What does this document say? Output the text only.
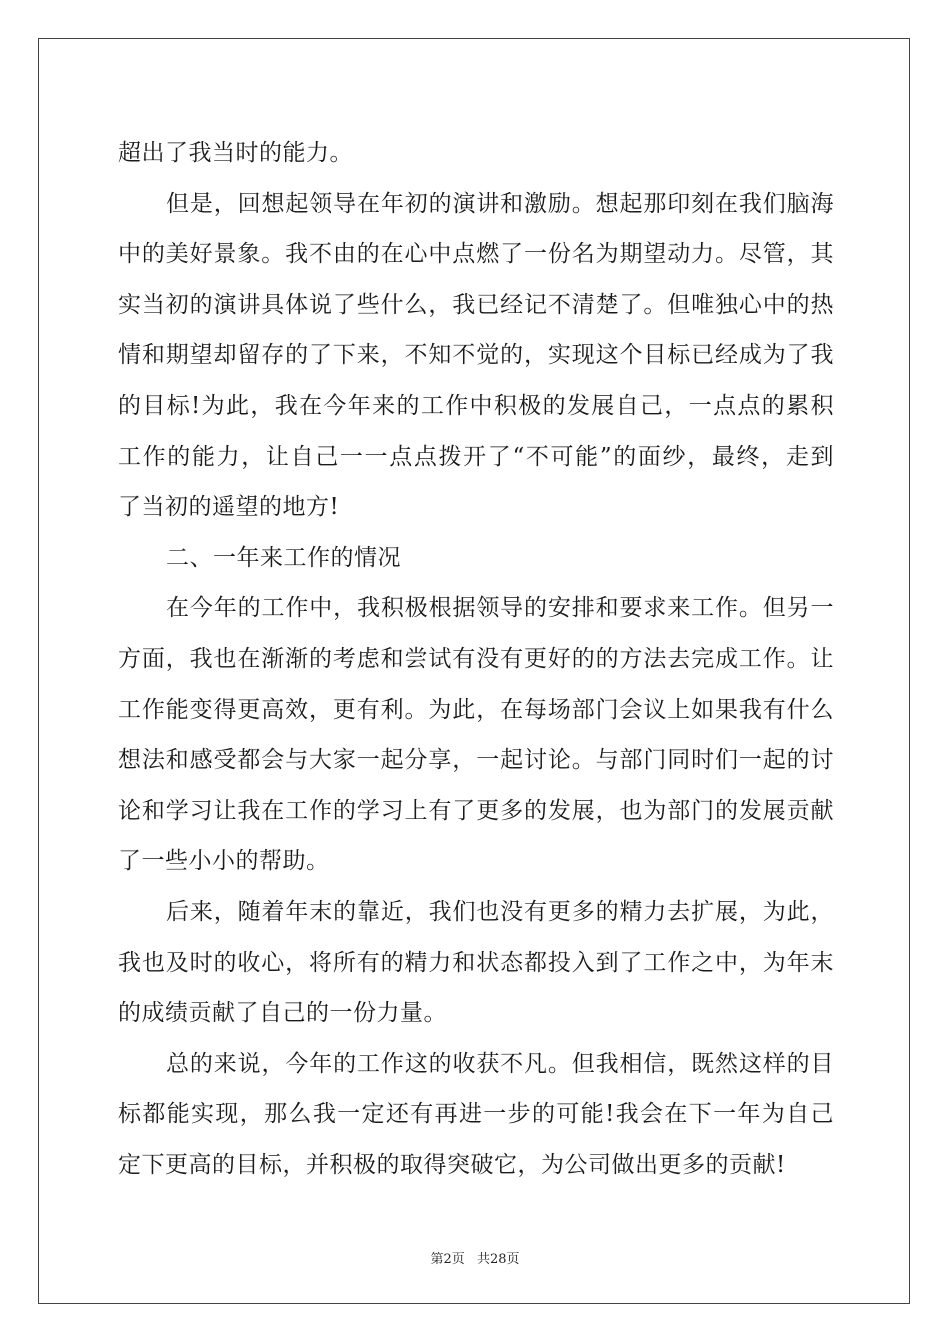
超出了我当时的能力。
但是，回想起领导在年初的演讲和激励。想起那印刻在我们脑海
中的美好景象。我不由的在心中点燃了一份名为期望动力。尽管，其
实当初的演讲具体说了些什么，我已经记不清楚了。但唯独心中的热
情和期望却留存的了下来，不知不觉的，实现这个目标已经成为了我
的目标!为此，我在今年来的工作中积极的发展自己，一点点的累积
工作的能力，让自己一一点点拨开了“不可能”的面纱，最终，走到
了当初的遥望的地方!
二、一年来工作的情况
在今年的工作中，我积极根据领导的安排和要求来工作。但另一
方面，我也在渐渐的考虑和尝试有没有更好的的方法去完成工作。让
工作能变得更高效，更有利。为此，在每场部门会议上如果我有什么
想法和感受都会与大家一起分享，一起讨论。与部门同时们一起的讨
论和学习让我在工作的学习上有了更多的发展，也为部门的发展贡献
了一些小小的帮助。
后来，随着年末的靠近，我们也没有更多的精力去扩展，为此，
我也及时的收心，将所有的精力和状态都投入到了工作之中，为年末
的成绩贡献了自己的一份力量。
总的来说，今年的工作这的收获不凡。但我相信，既然这样的目
标都能实现，那么我一定还有再进一步的可能!我会在下一年为自己
定下更高的目标，并积极的取得突破它，为公司做出更多的贡献!
第2页 共28页
